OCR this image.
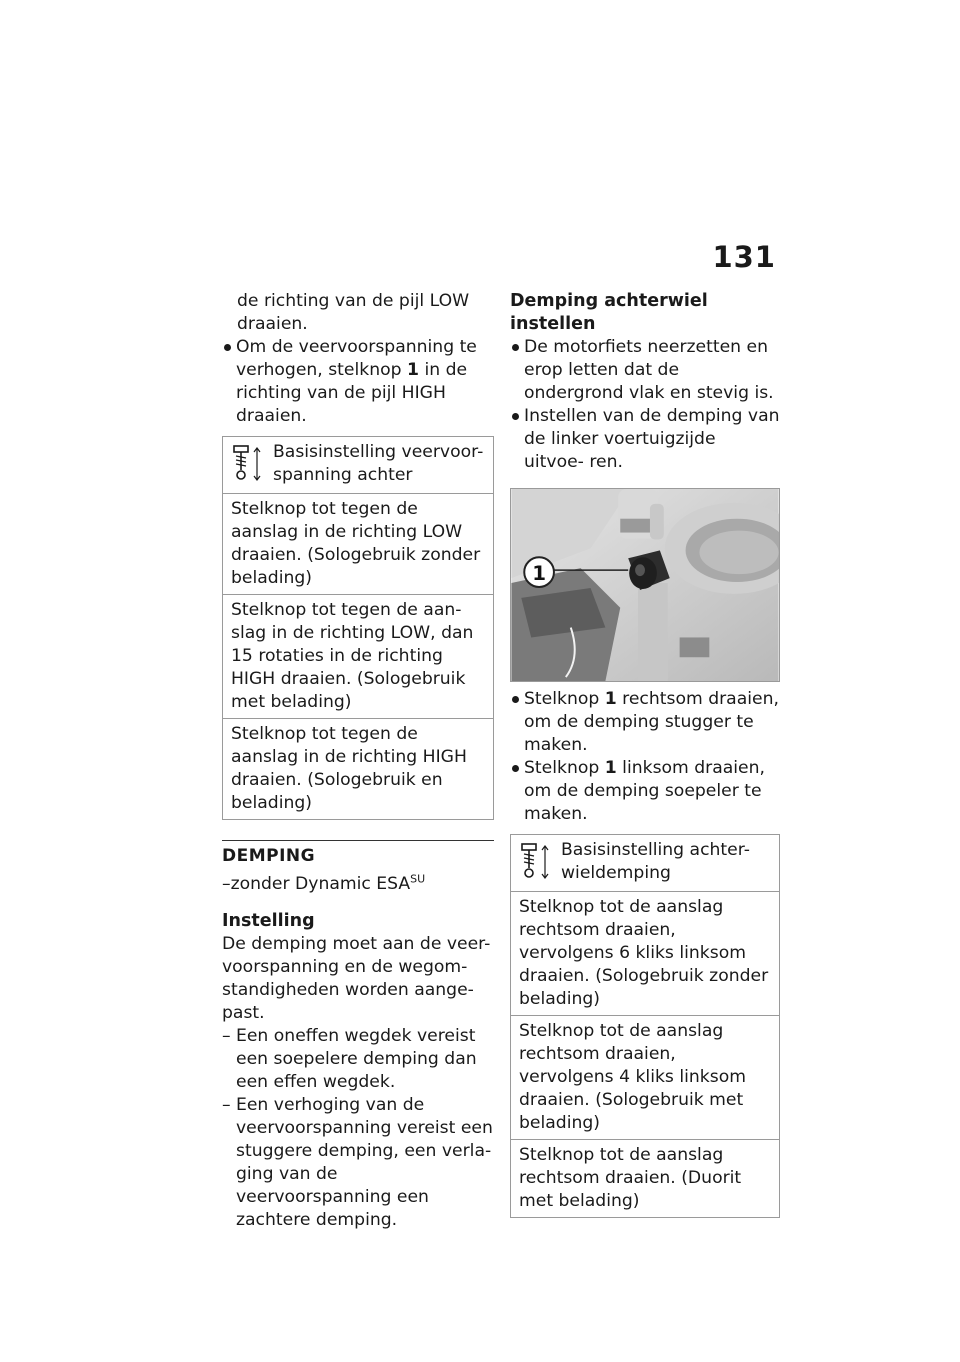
131

de richting van de pijl LOW draaien.

Om de veervoorspanning te verhogen, stelknop 1 in de richting van de pijl HIGH draaien.

Basisinstelling veervoor- spanning achter
Stelknop tot tegen de aanslag in de richting LOW draaien. (Sologebruik zonder belading)
Stelknop tot tegen de aan- slag in de richting LOW, dan 15 rotaties in de richting HIGH draaien. (Sologebruik met belading)
Stelknop tot tegen de aanslag in de richting HIGH draaien. (Sologebruik en belading)

DEMPING

–zonder Dynamic $ESA^{SU}$

Instelling

De demping moet aan de veer- voorspanning en de wegom- standigheden worden aange- past.

– Een oneffen wegdek vereist een soepelere demping dan een effen wegdek.

– Een verhoging van de veervoorspanning vereist een stuggere demping, een verla- ging van de veervoorspanning een zachtere demping.

Demping achterwiel instellen

De motorfiets neerzetten en erop letten dat de ondergrond vlak en stevig is.

Instellen van de demping van de linker voertuigzijde uitvoe- ren.

1

Stelknop 1 rechtsom draaien, om de demping stugger te maken.

Stelknop 1 linksom draaien, om de demping soepeler te maken.

Basisinstelling achter- wieldemping
Stelknop tot de aanslag rechtsom draaien, vervolgens 6 kliks linksom draaien. (Sologebruik zonder belading)
Stelknop tot de aanslag rechtsom draaien, vervolgens 4 kliks linksom draaien. (Sologebruik met belading)
Stelknop tot de aanslag rechtsom draaien. (Duorit met belading)
